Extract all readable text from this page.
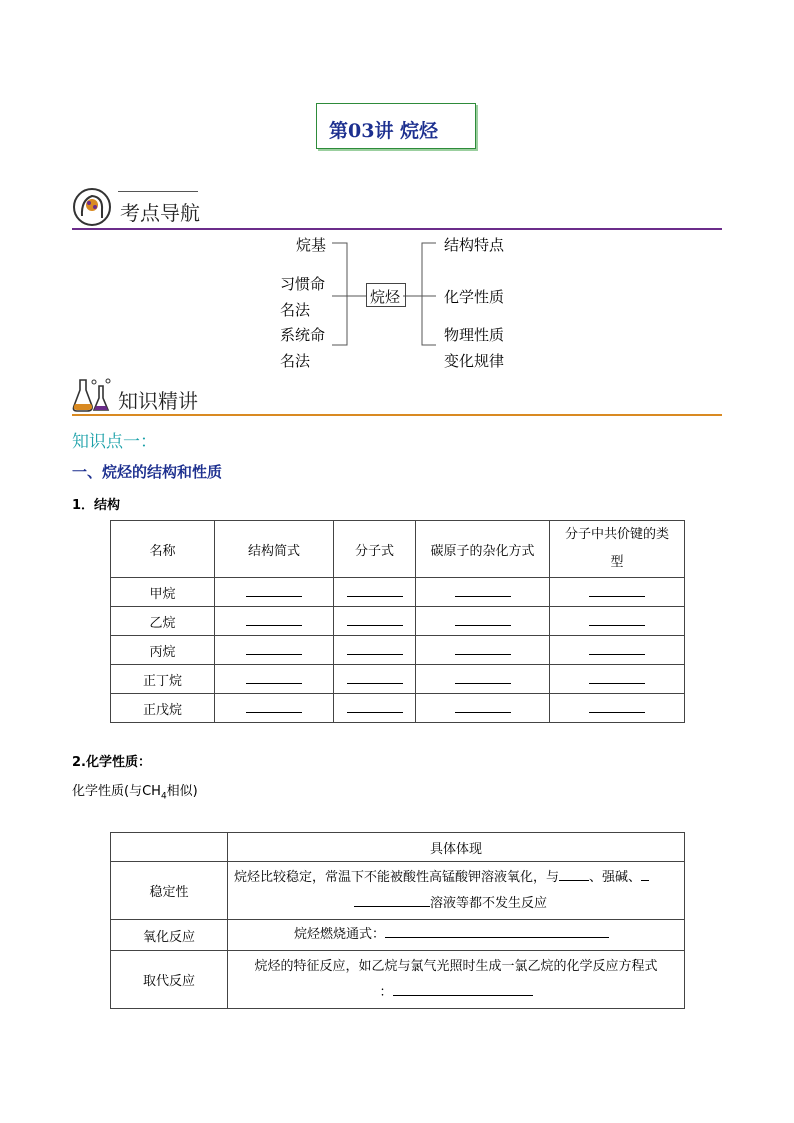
第03讲 烷烃
考点导航
烷基
习惯命
名法
系统命
名法
烷烃
结构特点
化学性质
物理性质
变化规律
知识精讲
知识点一：
一、烷烃的结构和性质
1．结构
名称	结构简式	分子式	碳原子的杂化方式	分子中共价键的类
型
甲烷				
乙烷				
丙烷				
正丁烷				
正戊烷				
2.化学性质：
化学性质(与$CH_4$相似)
	具体体现
稳定性	烷烃比较稳定，常温下不能被酸性高锰酸钾溶液氧化，与 、强碱、
溶液等都不发生反应
氧化反应	烷烃燃烧通式：
取代反应	烷烃的特征反应，如乙烷与氯气光照时生成一氯乙烷的化学反应方程式
：
